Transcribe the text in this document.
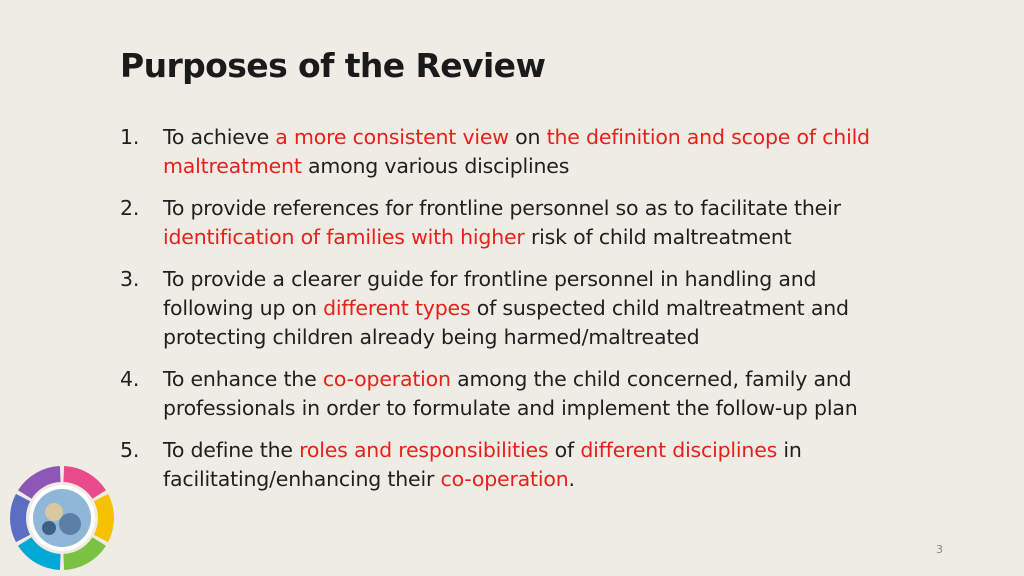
Purposes of the Review
1. To achieve a more consistent view on the definition and scope of child
maltreatment among various disciplines
2. To provide references for frontline personnel so as to facilitate their
identification of families with higher risk of child maltreatment
3. To provide a clearer guide for frontline personnel in handling and
following up on different types of suspected child maltreatment and
protecting children already being harmed/maltreated
4. To enhance the co-operation among the child concerned, family and
professionals in order to formulate and implement the follow-up plan
5. To define the roles and responsibilities of different disciplines in
facilitating/enhancing their co-operation.
3
